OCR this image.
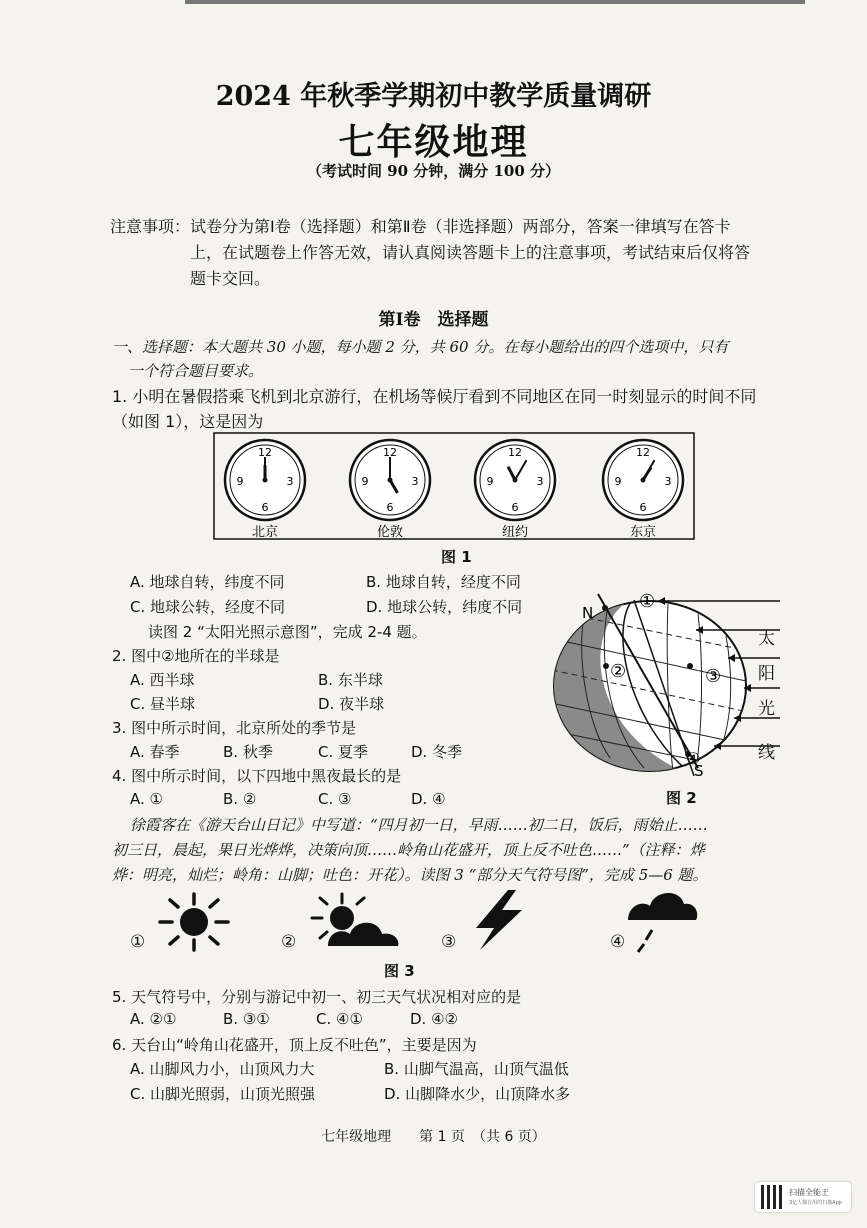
2024 年秋季学期初中教学质量调研
七年级地理
（考试时间 90 分钟，满分 100 分）
注意事项：试卷分为第Ⅰ卷（选择题）和第Ⅱ卷（非选择题）两部分，答案一律填写在答卡
上，在试题卷上作答无效，请认真阅读答题卡上的注意事项，考试结束后仅将答
题卡交回。
第Ⅰ卷　选择题
一、选择题：本大题共 30 小题，每小题 2 分，共 60 分。在每小题给出的四个选项中，只有
一个符合题目要求。
1. 小明在暑假搭乘飞机到北京游行，在机场等候厅看到不同地区在同一时刻显示的时间不同
（如图 1），这是因为
12
3
6
9
北京
12
3
6
9
伦敦
12
3
6
9
纽约
12
3
6
9
东京
图 1
A. 地球自转，纬度不同	B. 地球自转，经度不同
C. 地球公转，经度不同	D. 地球公转，纬度不同
读图 2 “太阳光照示意图”，完成 2-4 题。
2. 图中②地所在的半球是
A. 西半球	B. 东半球
C. 昼半球	D. 夜半球
3. 图中所示时间，北京所处的季节是
A. 春季	B. 秋季	C. 夏季	D. 冬季
4. 图中所示时间，以下四地中黑夜最长的是
A. ①	B. ②	C. ③	D. ④
N
S
①
②	③
④
太
阳
光
线
图 2
徐霞客在《游天台山日记》中写道：“四月初一日，早雨……初二日，饭后，雨始止……
初三日，晨起，果日光烨烨，决策向顶……岭角山花盛开，顶上反不吐色……”（注释：烨
烨：明亮，灿烂；岭角：山脚；吐色：开花）。读图 3 “部分天气符号图”，完成 5—6 题。
①	②	③	④
图 3
5. 天气符号中，分别与游记中初一、初三天气状况相对应的是
A. ②①	B. ③①	C. ④①	D. ④②
6. 天台山“岭角山花盛开，顶上反不吐色”，主要是因为
A. 山脚风力小，山顶风力大	B. 山脚气温高，山顶气温低
C. 山脚光照弱，山顶光照强	D. 山脚降水少，山顶降水多
七年级地理　　第 1 页　（共 6 页）
扫描全能王
3亿人都在用的扫描App
